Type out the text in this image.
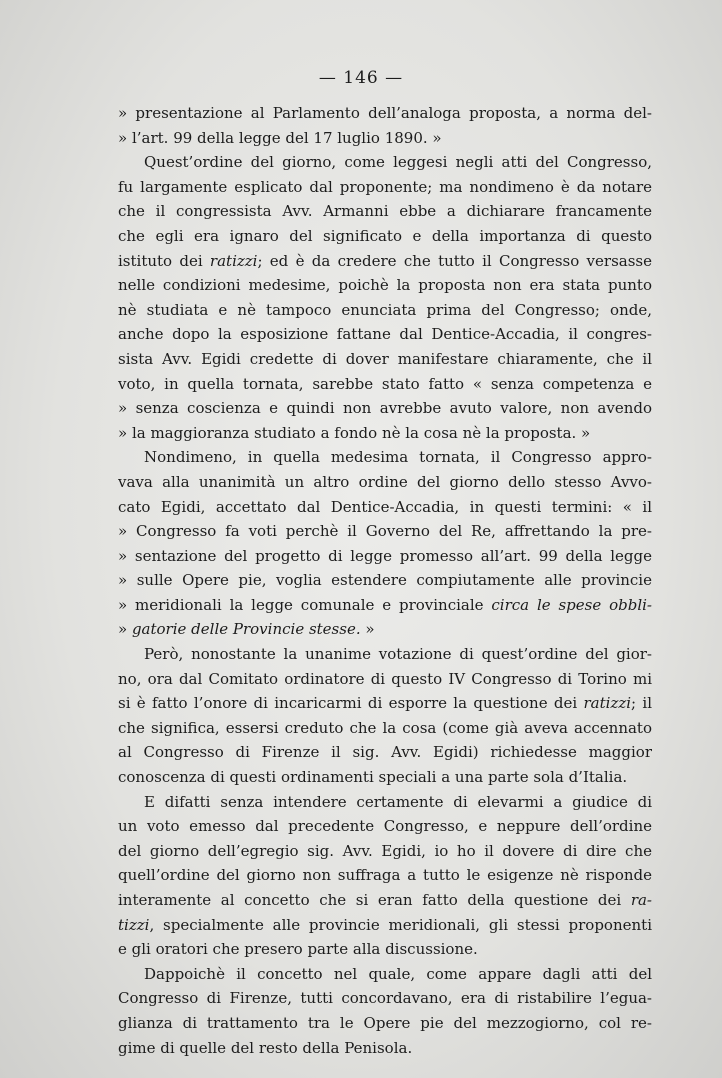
— 146 —
» presentazione al Parlamento dell’analoga proposta, a norma del-
» l’art. 99 della legge del 17 luglio 1890. »
Quest’ordine del giorno, come leggesi negli atti del Congresso,
fu largamente esplicato dal proponente; ma nondimeno è da notare
che il congressista Avv. Armanni ebbe a dichiarare francamente
che egli era ignaro del significato e della importanza di questo
istituto dei ratizzi; ed è da credere che tutto il Congresso versasse
nelle condizioni medesime, poichè la proposta non era stata punto
nè studiata e nè tampoco enunciata prima del Congresso; onde,
anche dopo la esposizione fattane dal Dentice-Accadia, il congres-
sista Avv. Egidi credette di dover manifestare chiaramente, che il
voto, in quella tornata, sarebbe stato fatto « senza competenza e
» senza coscienza e quindi non avrebbe avuto valore, non avendo
» la maggioranza studiato a fondo nè la cosa nè la proposta. »
Nondimeno, in quella medesima tornata, il Congresso appro-
vava alla unanimità un altro ordine del giorno dello stesso Avvo-
cato Egidi, accettato dal Dentice-Accadia, in questi termini: « il
» Congresso fa voti perchè il Governo del Re, affrettando la pre-
» sentazione del progetto di legge promesso all’art. 99 della legge
» sulle Opere pie, voglia estendere compiutamente alle provincie
» meridionali la legge comunale e provinciale circa le spese obbli-
» gatorie delle Provincie stesse. »
Però, nonostante la unanime votazione di quest’ordine del gior-
no, ora dal Comitato ordinatore di questo IV Congresso di Torino mi
si è fatto l’onore di incaricarmi di esporre la questione dei ratizzi; il
che significa, essersi creduto che la cosa (come già aveva accennato
al Congresso di Firenze il sig. Avv. Egidi) richiedesse maggior
conoscenza di questi ordinamenti speciali a una parte sola d’Italia.
E difatti senza intendere certamente di elevarmi a giudice di
un voto emesso dal precedente Congresso, e neppure dell’ordine
del giorno dell’egregio sig. Avv. Egidi, io ho il dovere di dire che
quell’ordine del giorno non suffraga a tutto le esigenze nè risponde
interamente al concetto che si eran fatto della questione dei ra-
tizzi, specialmente alle provincie meridionali, gli stessi proponenti
e gli oratori che presero parte alla discussione.
Dappoichè il concetto nel quale, come appare dagli atti del
Congresso di Firenze, tutti concordavano, era di ristabilire l’egua-
glianza di trattamento tra le Opere pie del mezzogiorno, col re-
gime di quelle del resto della Penisola.
